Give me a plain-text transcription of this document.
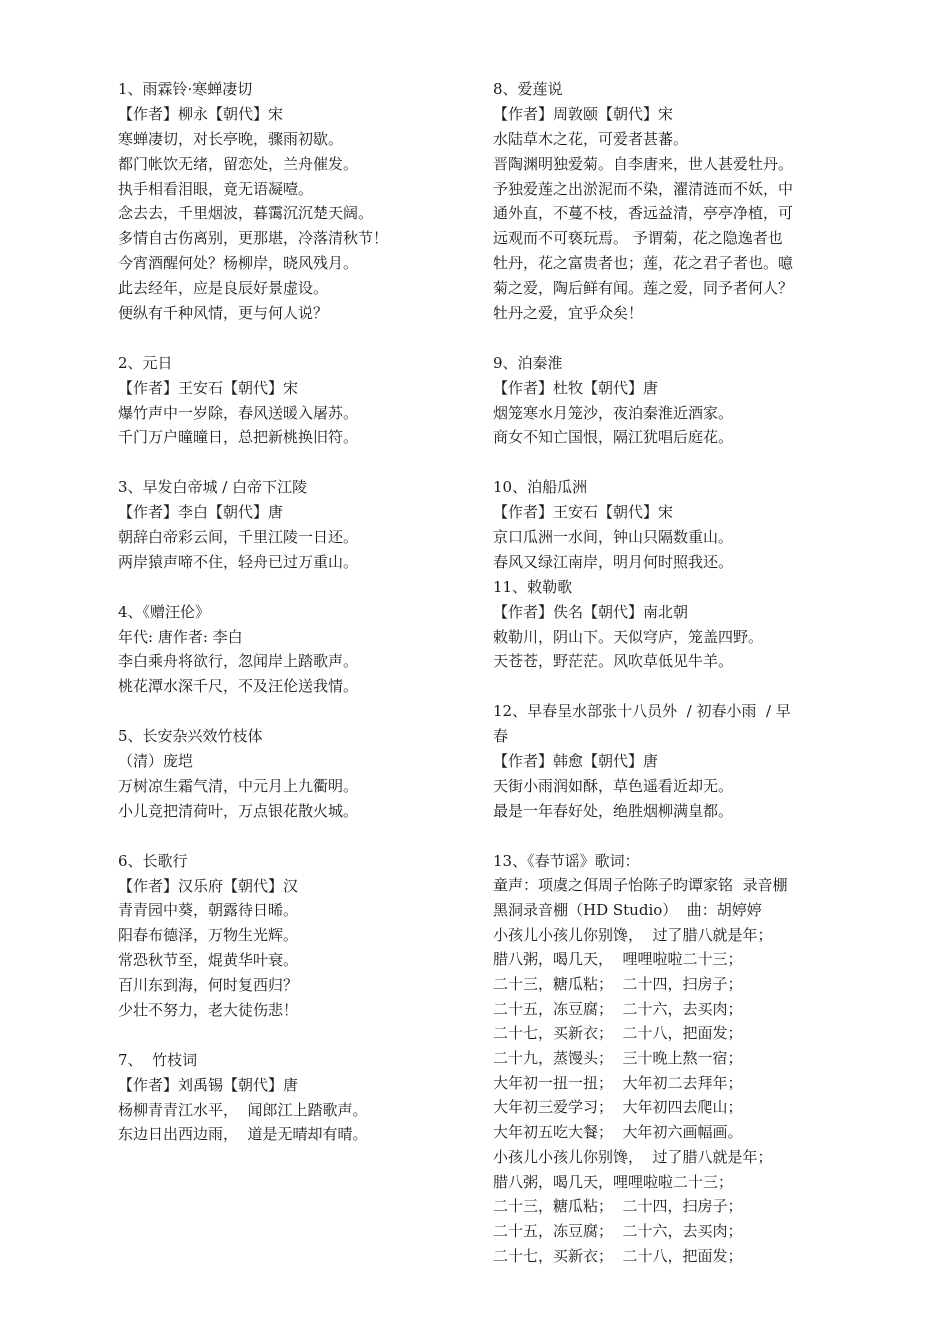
1、雨霖铃·寒蝉凄切
【作者】柳永【朝代】宋
寒蝉凄切，对长亭晚，骤雨初歇。
都门帐饮无绪，留恋处，兰舟催发。
执手相看泪眼，竟无语凝噎。
念去去，千里烟波，暮霭沉沉楚天阔。
多情自古伤离别，更那堪，冷落清秋节！
今宵酒醒何处？杨柳岸，晓风残月。
此去经年，应是良辰好景虚设。
便纵有千种风情，更与何人说？
2、元日
【作者】王安石【朝代】宋
爆竹声中一岁除，春风送暖入屠苏。
千门万户曈曈日，总把新桃换旧符。
3、早发白帝城 / 白帝下江陵
【作者】李白【朝代】唐
朝辞白帝彩云间，千里江陵一日还。
两岸猿声啼不住，轻舟已过万重山。
4、《赠汪伦》
年代: 唐作者: 李白
李白乘舟将欲行，忽闻岸上踏歌声。
桃花潭水深千尺，不及汪伦送我情。
5、长安杂兴效竹枝体
（清）庞垲
万树凉生霜气清，中元月上九衢明。
小儿竞把清荷叶，万点银花散火城。
6、长歌行
【作者】汉乐府【朝代】汉
青青园中葵，朝露待日晞。
阳春布德泽，万物生光辉。
常恐秋节至，焜黄华叶衰。
百川东到海，何时复西归？
少壮不努力，老大徒伤悲！
7、  竹枝词
【作者】刘禹锡【朝代】唐
杨柳青青江水平，  闻郎江上踏歌声。
东边日出西边雨，  道是无晴却有晴。
8、爱莲说
【作者】周敦颐【朝代】宋
水陆草木之花，可爱者甚蕃。
晋陶渊明独爱菊。自李唐来，世人甚爱牡丹。
予独爱莲之出淤泥而不染，濯清涟而不妖，中
通外直，不蔓不枝，香远益清，亭亭净植，可
远观而不可亵玩焉。 予谓菊，花之隐逸者也
牡丹，花之富贵者也；莲，花之君子者也。噫
菊之爱，陶后鲜有闻。莲之爱，同予者何人？
牡丹之爱，宜乎众矣！
9、泊秦淮
【作者】杜牧【朝代】唐
烟笼寒水月笼沙，夜泊秦淮近酒家。
商女不知亡国恨，隔江犹唱后庭花。
10、泊船瓜洲
【作者】王安石【朝代】宋
京口瓜洲一水间，钟山只隔数重山。
春风又绿江南岸，明月何时照我还。
11、敕勒歌
【作者】佚名【朝代】南北朝
敕勒川，阴山下。天似穹庐，笼盖四野。
天苍苍，野茫茫。风吹草低见牛羊。
12、早春呈水部张十八员外  / 初春小雨  / 早
春
【作者】韩愈【朝代】唐
天街小雨润如酥，草色遥看近却无。
最是一年春好处，绝胜烟柳满皇都。
13、《春节谣》歌词：
童声：项虞之佴周子怡陈子昀谭家铭  录音棚
黑洞录音棚（HD Studio）  曲：胡婷婷
小孩儿小孩儿你别馋，  过了腊八就是年；
腊八粥，喝几天，  哩哩啦啦二十三；
二十三，糖瓜粘；  二十四，扫房子；
二十五，冻豆腐；  二十六，去买肉；
二十七，买新衣；  二十八，把面发；
二十九，蒸馒头；  三十晚上熬一宿；
大年初一扭一扭；  大年初二去拜年；
大年初三爱学习；  大年初四去爬山；
大年初五吃大餐；  大年初六画幅画。
小孩儿小孩儿你别馋，  过了腊八就是年；
腊八粥，喝几天，哩哩啦啦二十三；
二十三，糖瓜粘；  二十四，扫房子；
二十五，冻豆腐；  二十六，去买肉；
二十七，买新衣；  二十八，把面发；
